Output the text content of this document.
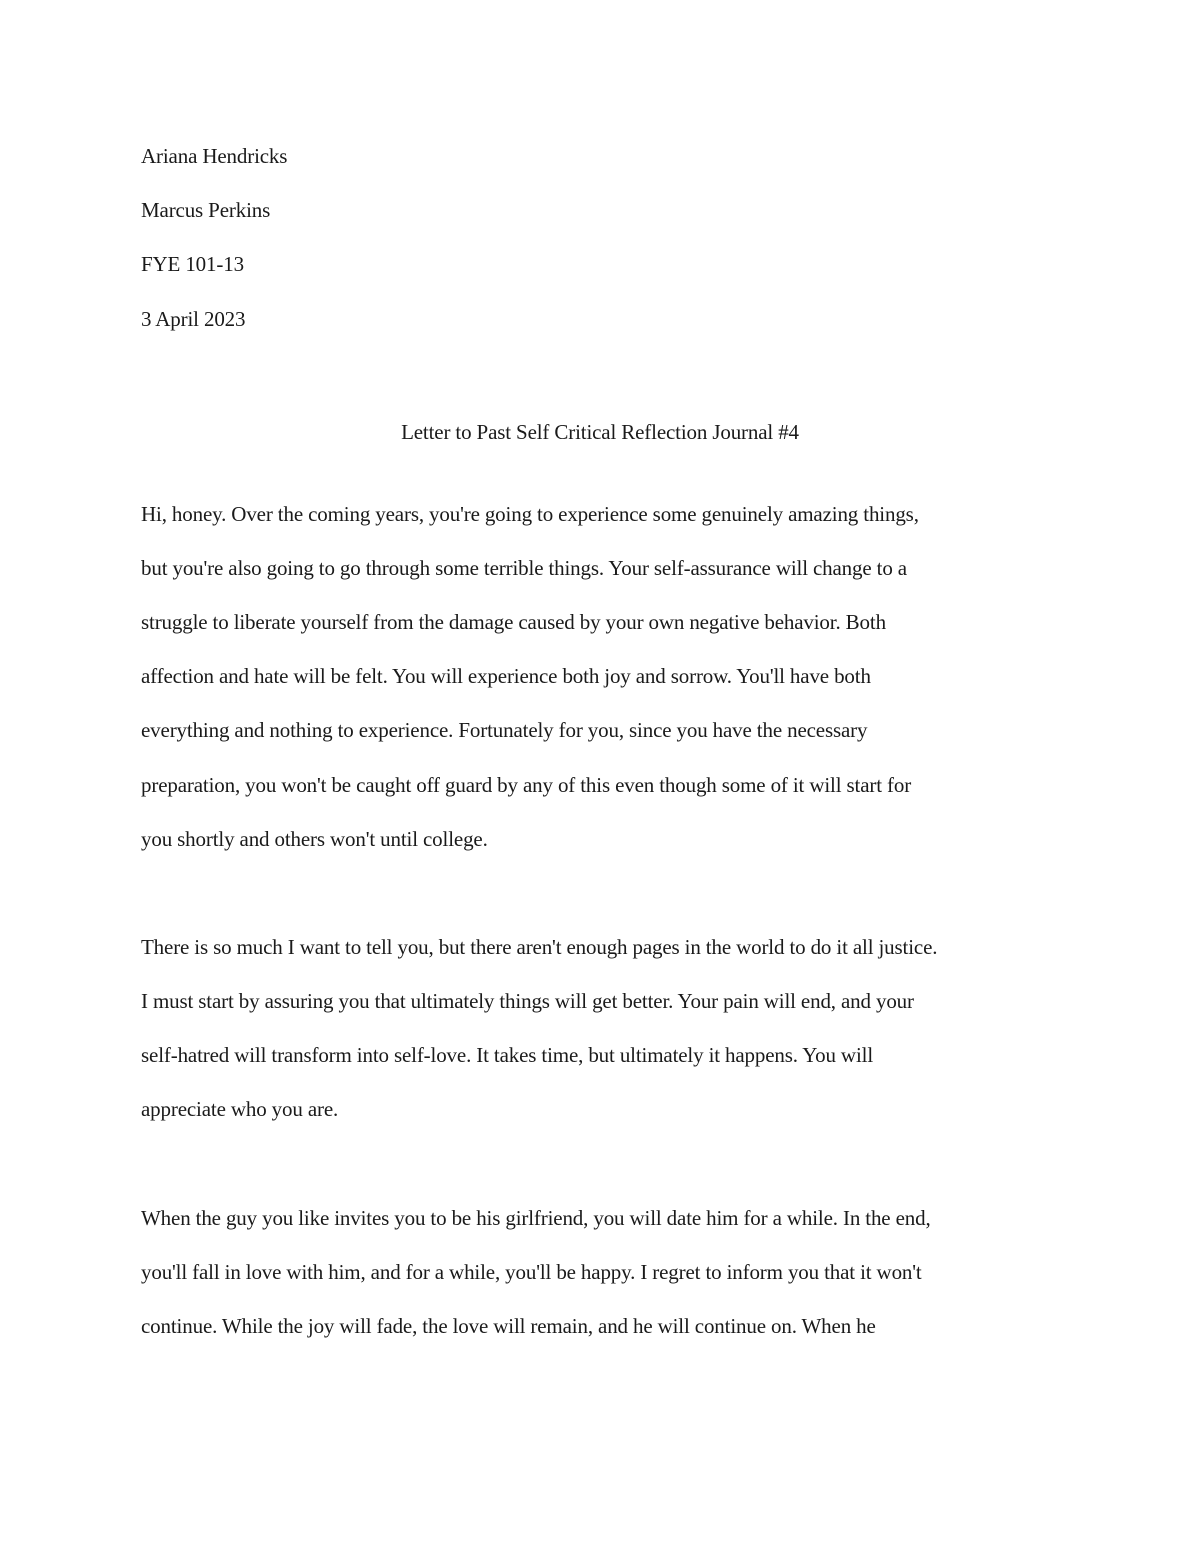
Ariana Hendricks
Marcus Perkins
FYE 101-13
3 April 2023
Letter to Past Self Critical Reflection Journal #4
Hi, honey. Over the coming years, you're going to experience some genuinely amazing things,
but you're also going to go through some terrible things. Your self-assurance will change to a
struggle to liberate yourself from the damage caused by your own negative behavior. Both
affection and hate will be felt. You will experience both joy and sorrow. You'll have both
everything and nothing to experience. Fortunately for you, since you have the necessary
preparation, you won't be caught off guard by any of this even though some of it will start for
you shortly and others won't until college.
There is so much I want to tell you, but there aren't enough pages in the world to do it all justice.
I must start by assuring you that ultimately things will get better. Your pain will end, and your
self-hatred will transform into self-love. It takes time, but ultimately it happens. You will
appreciate who you are.
When the guy you like invites you to be his girlfriend, you will date him for a while. In the end,
you'll fall in love with him, and for a while, you'll be happy. I regret to inform you that it won't
continue. While the joy will fade, the love will remain, and he will continue on. When he
